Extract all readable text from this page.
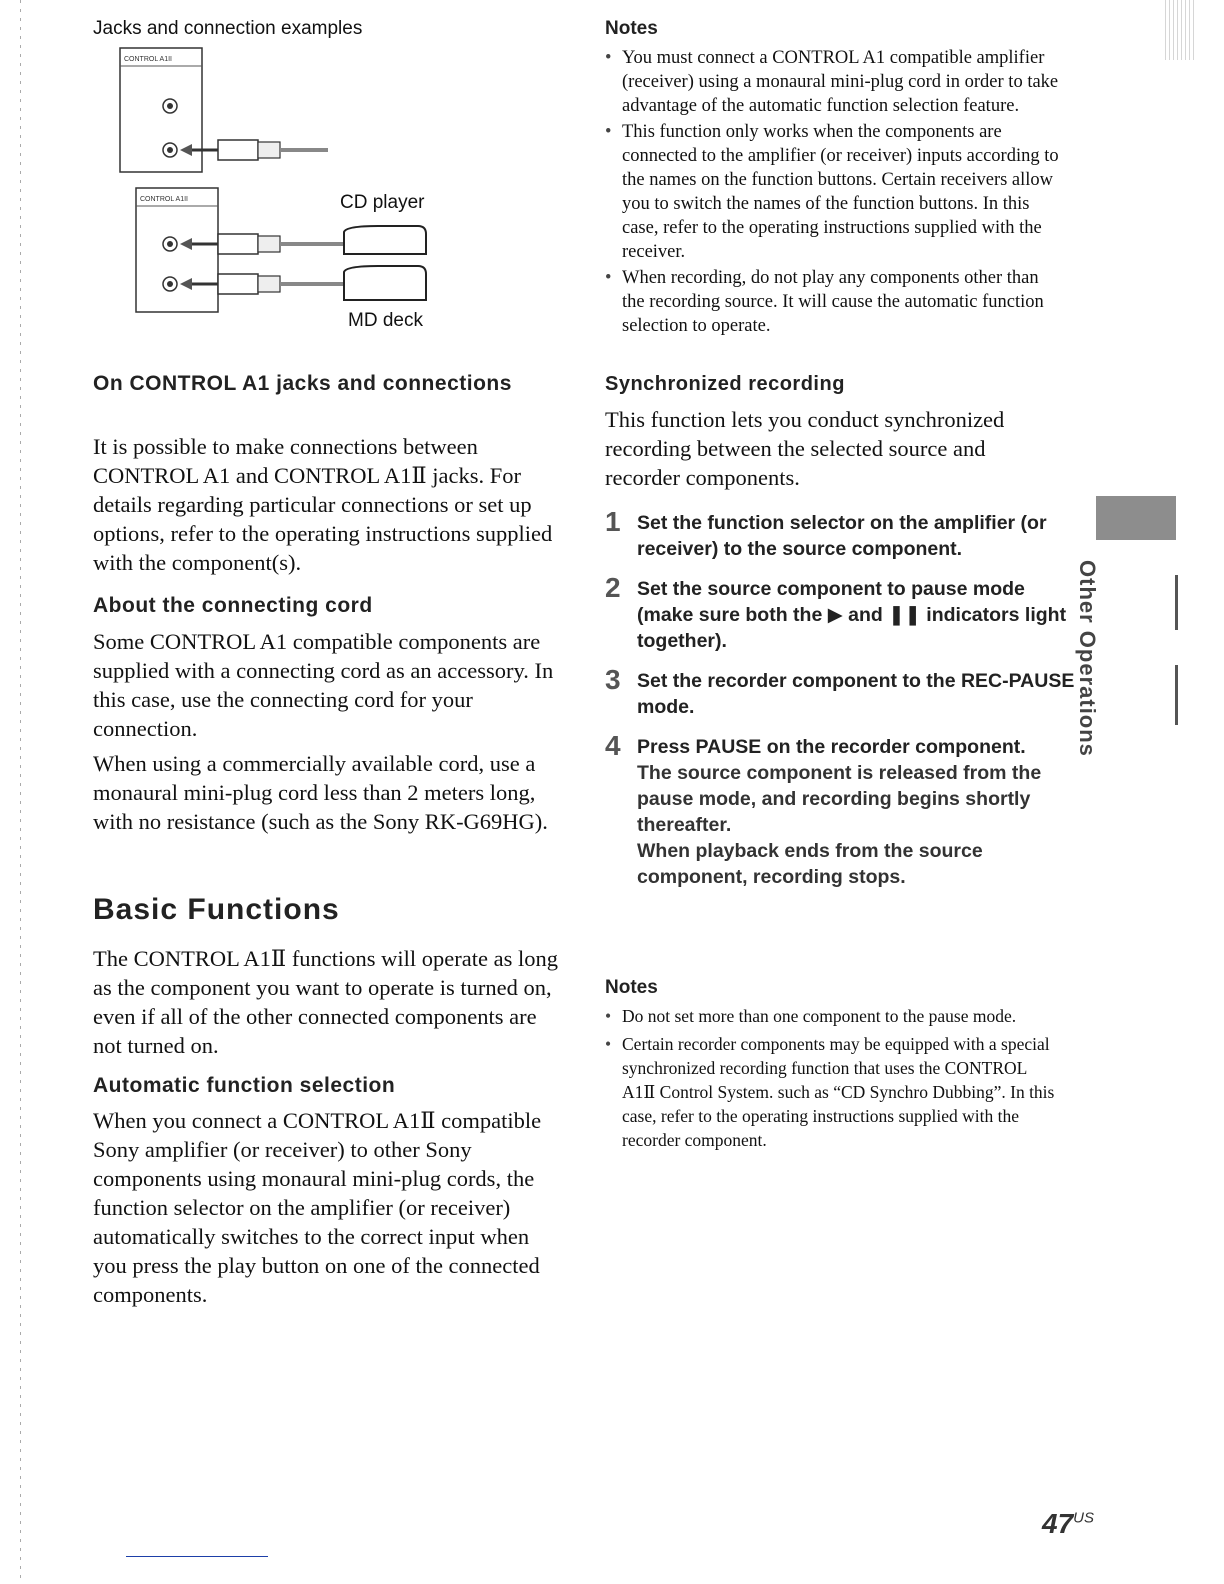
Jacks and connection examples
CONTROL A1II
CONTROL A1II	CD player
MD deck
On CONTROL A1 jacks and connections
It is possible to make connections between CONTROL A1 and CONTROL A1Ⅱ jacks. For details regarding particular connections or set up options, refer to the operating instructions supplied with the component(s).
About the connecting cord
Some CONTROL A1 compatible components are supplied with a connecting cord as an accessory. In this case, use the connecting cord for your connection.
When using a commercially available cord, use a monaural mini-plug cord less than 2 meters long, with no resistance (such as the Sony RK-G69HG).
Basic Functions
The CONTROL A1Ⅱ functions will operate as long as the component you want to operate is turned on, even if all of the other connected components are not turned on.
Automatic function selection
When you connect a CONTROL A1Ⅱ compatible Sony amplifier (or receiver) to other Sony components using monaural mini-plug cords, the function selector on the amplifier (or receiver) automatically switches to the correct input when you press the play button on one of the connected components.
Notes
• You must connect a CONTROL A1 compatible amplifier (receiver) using a monaural mini-plug cord in order to take advantage of the automatic function selection feature.
• This function only works when the components are connected to the amplifier (or receiver) inputs according to the names on the function buttons. Certain receivers allow you to switch the names of the function buttons. In this case, refer to the operating instructions supplied with the receiver.
• When recording, do not play any components other than the recording source. It will cause the automatic function selection to operate.
Synchronized recording
This function lets you conduct synchronized recording between the selected source and recorder components.
1 Set the function selector on the amplifier (or receiver) to the source component.
2 Set the source component to pause mode (make sure both the ▶ and ❚❚ indicators light together).
3 Set the recorder component to the REC-PAUSE mode.
4 Press PAUSE on the recorder component.
The source component is released from the pause mode, and recording begins shortly thereafter.
When playback ends from the source component, recording stops.
Notes
• Do not set more than one component to the pause mode.
• Certain recorder components may be equipped with a special synchronized recording function that uses the CONTROL A1Ⅱ Control System. such as “CD Synchro Dubbing”. In this case, refer to the operating instructions supplied with the recorder component.
Other Operations
$47^{US}$
